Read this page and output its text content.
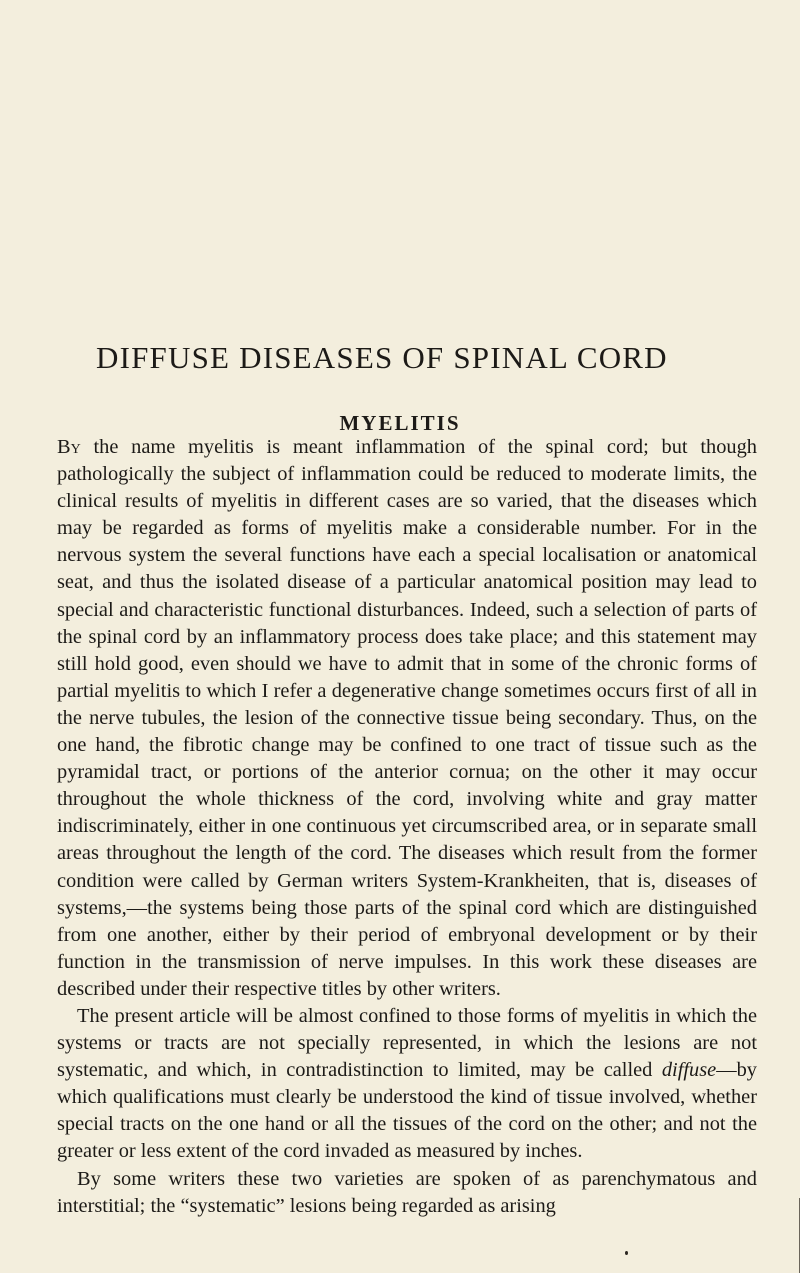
DIFFUSE DISEASES OF SPINAL CORD
MYELITIS

By the name myelitis is meant inflammation of the spinal cord; but though pathologically the subject of inflammation could be reduced to moderate limits, the clinical results of myelitis in different cases are so varied, that the diseases which may be regarded as forms of myelitis make a considerable number. For in the nervous system the several functions have each a special localisation or anatomical seat, and thus the isolated disease of a particular anatomical position may lead to special and characteristic functional disturbances. Indeed, such a selection of parts of the spinal cord by an inflammatory process does take place; and this statement may still hold good, even should we have to admit that in some of the chronic forms of partial myelitis to which I refer a degenerative change sometimes occurs first of all in the nerve tubules, the lesion of the connective tissue being secondary. Thus, on the one hand, the fibrotic change may be confined to one tract of tissue such as the pyramidal tract, or portions of the anterior cornua; on the other it may occur throughout the whole thickness of the cord, involving white and gray matter indiscriminately, either in one continuous yet circumscribed area, or in separate small areas throughout the length of the cord. The diseases which result from the former condition were called by German writers System-Krankheiten, that is, diseases of systems,—the systems being those parts of the spinal cord which are distinguished from one another, either by their period of embryonal development or by their function in the transmission of nerve impulses. In this work these diseases are described under their respective titles by other writers.

The present article will be almost confined to those forms of myelitis in which the systems or tracts are not specially represented, in which the lesions are not systematic, and which, in contradistinction to limited, may be called diffuse—by which qualifications must clearly be understood the kind of tissue involved, whether special tracts on the one hand or all the tissues of the cord on the other; and not the greater or less extent of the cord invaded as measured by inches.

By some writers these two varieties are spoken of as parenchymatous and interstitial; the “systematic” lesions being regarded as arising
